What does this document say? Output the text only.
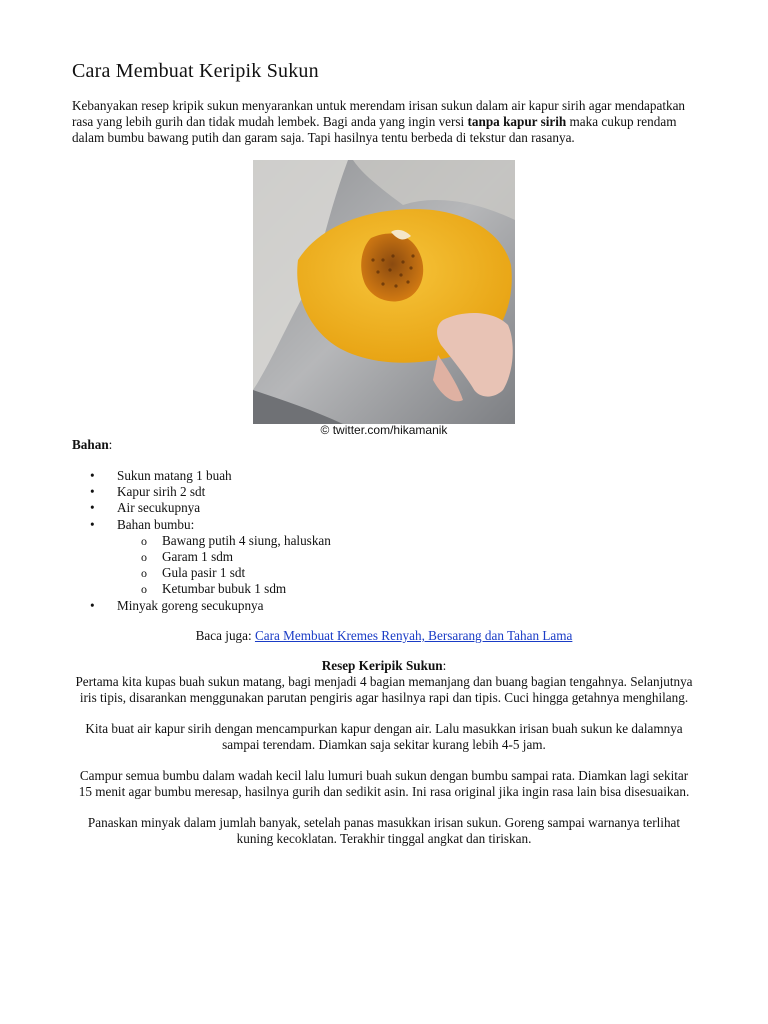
Cara Membuat Keripik Sukun

Kebanyakan resep kripik sukun menyarankan untuk merendam irisan sukun dalam air kapur sirih agar mendapatkan rasa yang lebih gurih dan tidak mudah lembek. Bagi anda yang ingin versi tanpa kapur sirih maka cukup rendam dalam bumbu bawang putih dan garam saja. Tapi hasilnya tentu berbeda di tekstur dan rasanya.

© twitter.com/hikamanik

Bahan:

• Sukun matang 1 buah
• Kapur sirih 2 sdt
• Air secukupnya
• Bahan bumbu:
o Bawang putih 4 siung, haluskan
o Garam 1 sdm
o Gula pasir 1 sdt
o Ketumbar bubuk 1 sdm
• Minyak goreng secukupnya

Baca juga: Cara Membuat Kremes Renyah, Bersarang dan Tahan Lama

Resep Keripik Sukun:
Pertama kita kupas buah sukun matang, bagi menjadi 4 bagian memanjang dan buang bagian tengahnya. Selanjutnya iris tipis, disarankan menggunakan parutan pengiris agar hasilnya rapi dan tipis. Cuci hingga getahnya menghilang.

Kita buat air kapur sirih dengan mencampurkan kapur dengan air. Lalu masukkan irisan buah sukun ke dalamnya sampai terendam. Diamkan saja sekitar kurang lebih 4-5 jam.

Campur semua bumbu dalam wadah kecil lalu lumuri buah sukun dengan bumbu sampai rata. Diamkan lagi sekitar 15 menit agar bumbu meresap, hasilnya gurih dan sedikit asin. Ini rasa original jika ingin rasa lain bisa disesuaikan.

Panaskan minyak dalam jumlah banyak, setelah panas masukkan irisan sukun. Goreng sampai warnanya terlihat kuning kecoklatan. Terakhir tinggal angkat dan tiriskan.
